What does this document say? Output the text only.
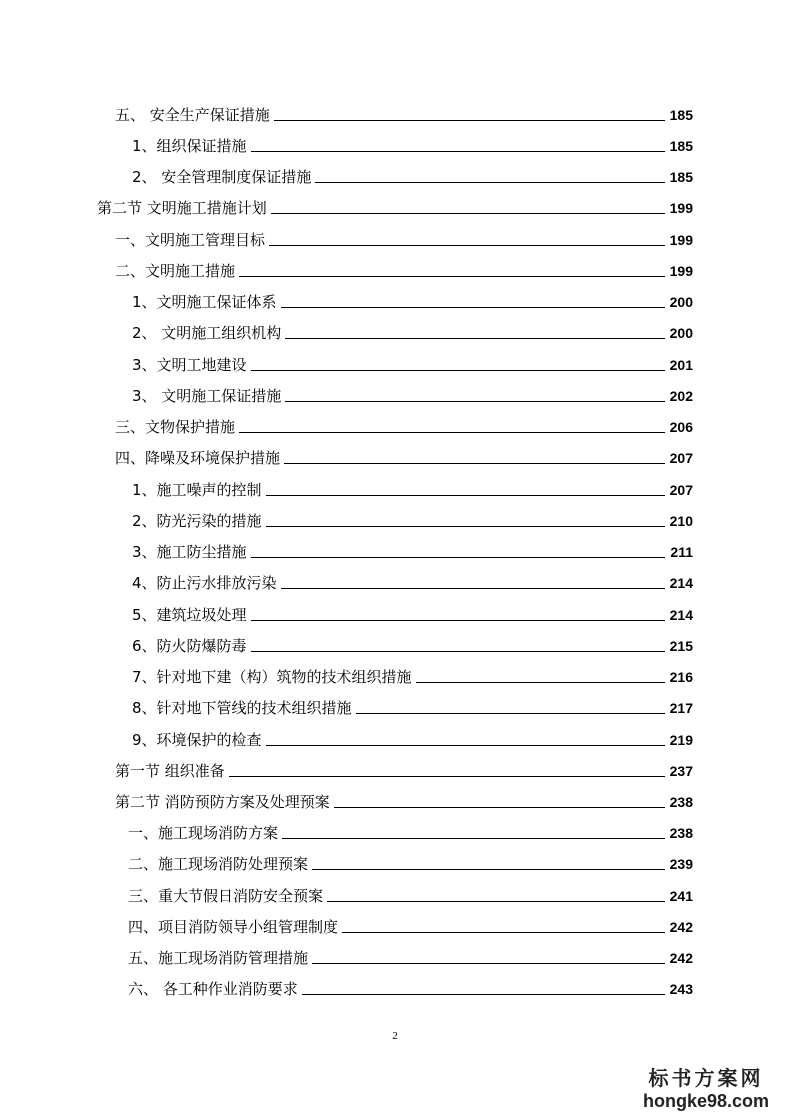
五、 安全生产保证措施	185
1、组织保证措施	185
2、 安全管理制度保证措施	185
第二节 文明施工措施计划	199
一、文明施工管理目标	199
二、文明施工措施	199
1、文明施工保证体系	200
2、 文明施工组织机构	200
3、文明工地建设	201
3、 文明施工保证措施	202
三、文物保护措施	206
四、降噪及环境保护措施	207
1、施工噪声的控制	207
2、防光污染的措施	210
3、施工防尘措施	211
4、防止污水排放污染	214
5、建筑垃圾处理	214
6、防火防爆防毒	215
7、针对地下建（构）筑物的技术组织措施	216
8、针对地下管线的技术组织措施	217
9、环境保护的检查	219
第一节 组织准备	237
第二节 消防预防方案及处理预案	238
一、施工现场消防方案	238
二、施工现场消防处理预案	239
三、重大节假日消防安全预案	241
四、项目消防领导小组管理制度	242
五、施工现场消防管理措施	242
六、 各工种作业消防要求	243
2
标书方案网
hongke98.com
